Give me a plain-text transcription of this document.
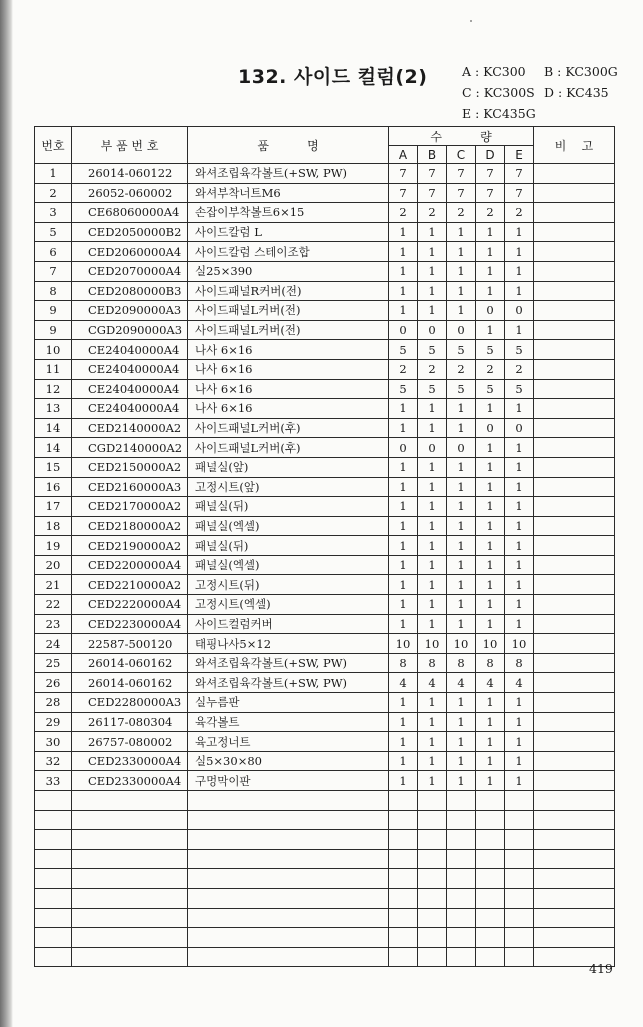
132. 사이드 컬럼(2)	A : KC300 B : KC300G
C : KC300S D : KC435
E : KC435G
번호	부 품 번 호	품          명	수          량					비    고
			A	B	C	D	E	
1	26014-060122	와셔조립육각볼트(+SW, PW)	7	7	7	7	7	
2	26052-060002	와셔부착너트M6	7	7	7	7	7	
3	CE68060000A4	손잡이부착볼트6×15	2	2	2	2	2	
5	CED2050000B2	사이드칼럼 L	1	1	1	1	1	
6	CED2060000A4	사이드칼럼 스테이조합	1	1	1	1	1	
7	CED2070000A4	실25×390	1	1	1	1	1	
8	CED2080000B3	사이드패널R커버(전)	1	1	1	1	1	
9	CED2090000A3	사이드패널L커버(전)	1	1	1	0	0	
9	CGD2090000A3	사이드패널L커버(전)	0	0	0	1	1	
10	CE24040000A4	나사 6×16	5	5	5	5	5	
11	CE24040000A4	나사 6×16	2	2	2	2	2	
12	CE24040000A4	나사 6×16	5	5	5	5	5	
13	CE24040000A4	나사 6×16	1	1	1	1	1	
14	CED2140000A2	사이드패널L커버(후)	1	1	1	0	0	
14	CGD2140000A2	사이드패널L커버(후)	0	0	0	1	1	
15	CED2150000A2	패널실(앞)	1	1	1	1	1	
16	CED2160000A3	고정시트(앞)	1	1	1	1	1	
17	CED2170000A2	패널실(뒤)	1	1	1	1	1	
18	CED2180000A2	패널실(엑셀)	1	1	1	1	1	
19	CED2190000A2	패널실(뒤)	1	1	1	1	1	
20	CED2200000A4	패널실(엑셀)	1	1	1	1	1	
21	CED2210000A2	고정시트(뒤)	1	1	1	1	1	
22	CED2220000A4	고정시트(엑셀)	1	1	1	1	1	
23	CED2230000A4	사이드컬럼커버	1	1	1	1	1	
24	22587-500120	태핑나사5×12	10	10	10	10	10	
25	26014-060162	와셔조립육각볼트(+SW, PW)	8	8	8	8	8	
26	26014-060162	와셔조립육각볼트(+SW, PW)	4	4	4	4	4	
28	CED2280000A3	실누름판	1	1	1	1	1	
29	26117-080304	육각볼트	1	1	1	1	1	
30	26757-080002	육고정너트	1	1	1	1	1	
32	CED2330000A4	실5×30×80	1	1	1	1	1	
33	CED2330000A4	구멍막이판	1	1	1	1	1	

419
